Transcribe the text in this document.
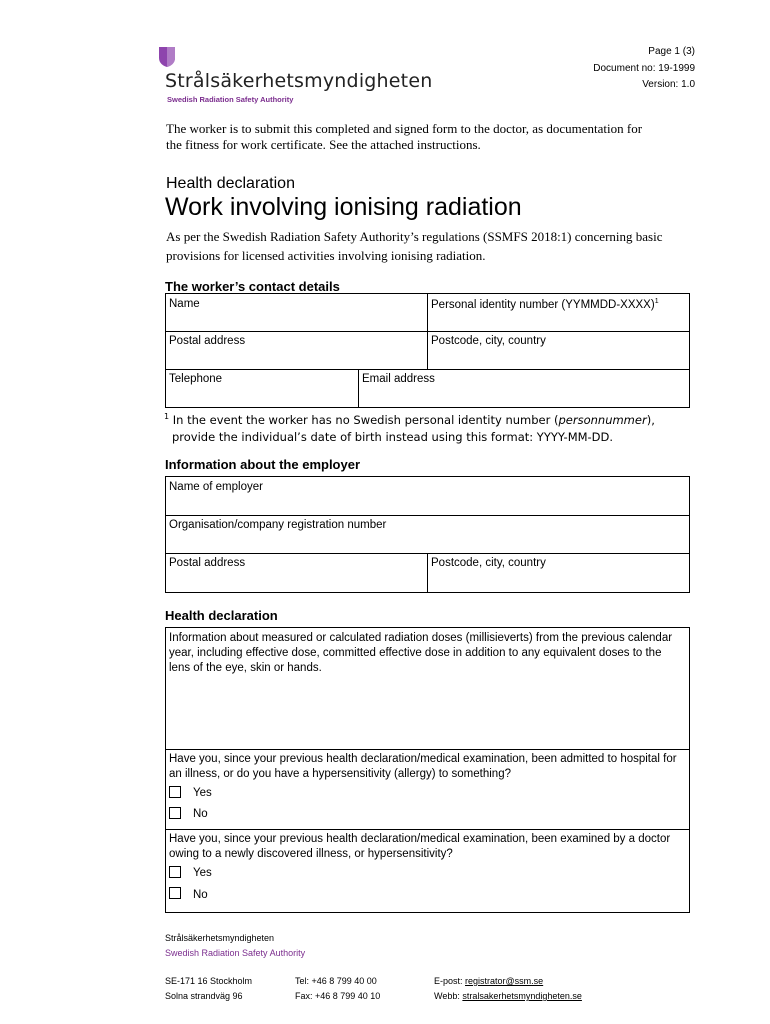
Strålsäkerhetsmyndigheten
Swedish Radiation Safety Authority
Page 1 (3)
Document no: 19-1999
Version: 1.0
The worker is to submit this completed and signed form to the doctor, as documentation for the fitness for work certificate. See the attached instructions.
Health declaration
Work involving ionising radiation
As per the Swedish Radiation Safety Authority’s regulations (SSMFS 2018:1) concerning basic provisions for licensed activities involving ionising radiation.
The worker’s contact details
Name	Personal identity number (YYMMDD-XXXX)$^1$
Postal address	Postcode, city, country
Telephone	Email address
$^1$ In the event the worker has no Swedish personal identity number (personnummer),
provide the individual’s date of birth instead using this format: YYYY-MM-DD.
Information about the employer
Name of employer
Organisation/company registration number
Postal address	Postcode, city, country
Health declaration
Information about measured or calculated radiation doses (millisieverts) from the previous calendar year, including effective dose, committed effective dose in addition to any equivalent doses to the lens of the eye, skin or hands.
Have you, since your previous health declaration/medical examination, been admitted to hospital for an illness, or do you have a hypersensitivity (allergy) to something?
Yes
No
Have you, since your previous health declaration/medical examination, been examined by a doctor owing to a newly discovered illness, or hypersensitivity?
Yes
No
Strålsäkerhetsmyndigheten
Swedish Radiation Safety Authority
SE-171 16 Stockholm
Solna strandväg 96
Tel: +46 8 799 40 00
Fax: +46 8 799 40 10
E-post: registrator@ssm.se
Webb: stralsakerhetsmyndigheten.se
